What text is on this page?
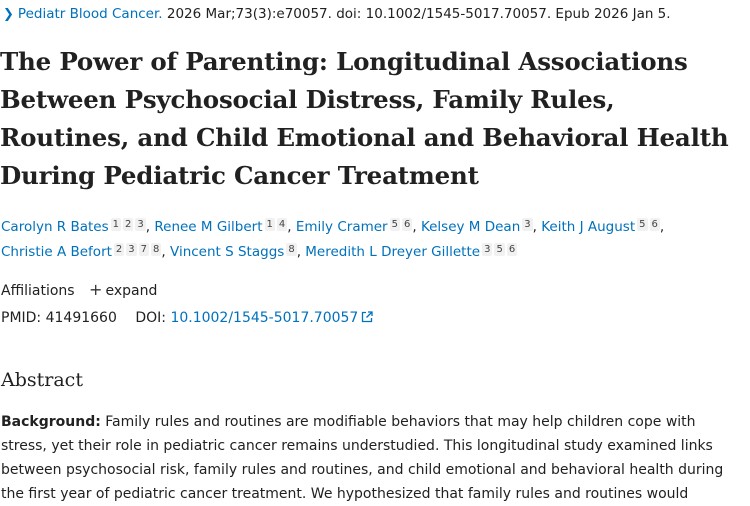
❯ Pediatr Blood Cancer. 2026 Mar;73(3):e70057. doi: 10.1002/1545-5017.70057. Epub 2026 Jan 5.
The Power of Parenting: Longitudinal Associations
Between Psychosocial Distress, Family Rules,
Routines, and Child Emotional and Behavioral Health
During Pediatric Cancer Treatment
Carolyn R Bates 1 2 3 , Renee M Gilbert 1 4 , Emily Cramer 5 6 , Kelsey M Dean 3 , Keith J August 5 6 ,
Christie A Befort 2 3 7 8 , Vincent S Staggs 8 , Meredith L Dreyer Gillette 3 5 6
Affiliations + expand
PMID: 41491660 DOI: 10.1002/1545-5017.70057
Abstract
Background: Family rules and routines are modifiable behaviors that may help children cope with
stress, yet their role in pediatric cancer remains understudied. This longitudinal study examined links
between psychosocial risk, family rules and routines, and child emotional and behavioral health during
the first year of pediatric cancer treatment. We hypothesized that family rules and routines would
